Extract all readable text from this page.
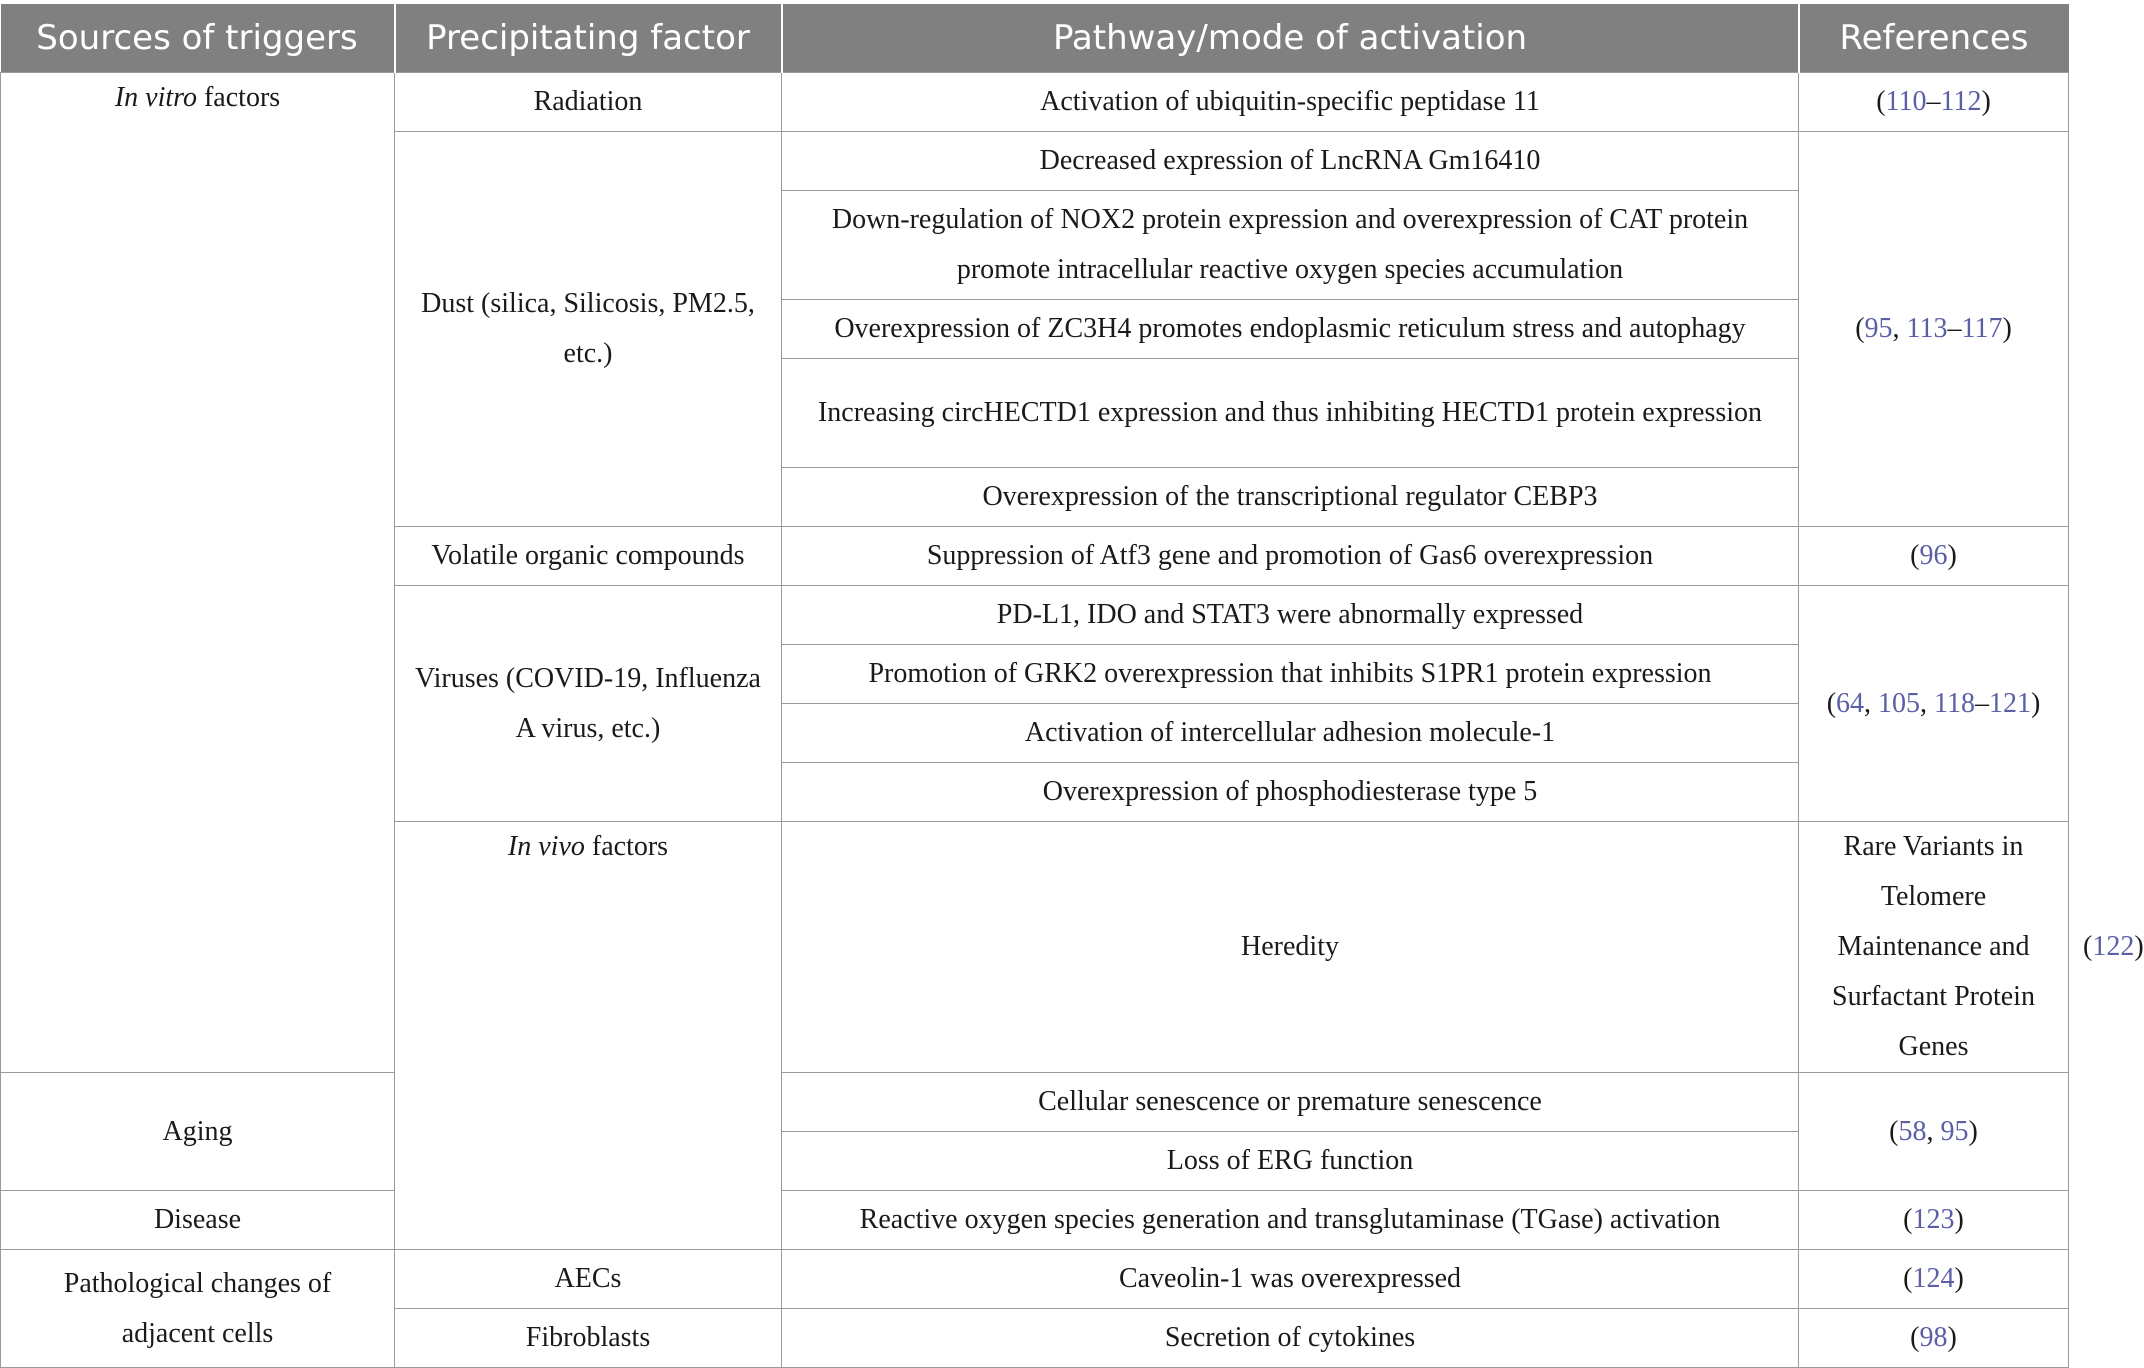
Sources of triggers	Precipitating factor	Pathway/mode of activation	References	
In vitro factors	Radiation	Activation of ubiquitin-specific peptidase 11	(110–112)	
	Dust (silica, Silicosis, PM2.5, etc.)	Decreased expression of LncRNA Gm16410	(95, 113–117)	
		Down-regulation of NOX2 protein expression and overexpression of CAT protein promote intracellular reactive oxygen species accumulation		
		Overexpression of ZC3H4 promotes endoplasmic reticulum stress and autophagy		
		Increasing circHECTD1 expression and thus inhibiting HECTD1 protein expression		
		Overexpression of the transcriptional regulator CEBP3		
	Volatile organic compounds	Suppression of Atf3 gene and promotion of Gas6 overexpression	(96)	
	Viruses (COVID-19, Influenza A virus, etc.)	PD-L1, IDO and STAT3 were abnormally expressed	(64, 105, 118–121)	
		Promotion of GRK2 overexpression that inhibits S1PR1 protein expression		
		Activation of intercellular adhesion molecule-1		
		Overexpression of phosphodiesterase type 5		
	In vivo factors	Heredity	Rare Variants in Telomere Maintenance and Surfactant Protein Genes	(122)
Aging		Cellular senescence or premature senescence	(58, 95)	
		Loss of ERG function		
Disease		Reactive oxygen species generation and transglutaminase (TGase) activation	(123)	
Pathological changes of adjacent cells	AECs	Caveolin-1 was overexpressed	(124)	
	Fibroblasts	Secretion of cytokines	(98)	
